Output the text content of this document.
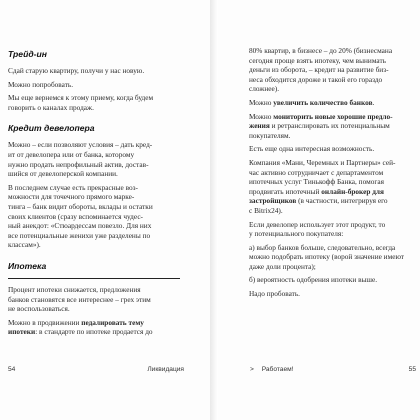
Трейд-ин
Сдай старую квартиру, получи у нас новую.
Можно попробовать.
Мы еще вернемся к этому приему, когда будем
говорить о каналах продаж.
Кредит девелопера
Можно – если позволяют условия – дать кред-
ит от девелопера или от банка, которому
нужно продать непрофильный актив, достав-
шийся от девелоперской компании.
В последнем случае есть прекрасные воз-
можности для точечного прямого марке-
тинга – банк видит обороты, вклады и остатки
своих клиентов (сразу вспоминается чудес-
ный анекдот: «Стюардессам повезло. Для них
все потенциальные женихи уже разделены по
классам»).
Ипотека
Процент ипотеки снижается, предложения
банков становятся все интереснее – грех этим
не воспользоваться.
Можно в продвижении педалировать тему
ипотеки: в стандарте по ипотеке продается до
54	Ликвидация
80% квартир, в бизнесе – до 20% (бизнесмана
сегодня проще взять ипотеку, чем вынимать
деньги из оборота, – кредит на развитие биз-
неса обходится дороже и такой его гораздо
сложнее).
Можно увеличить количество банков.
Можно мониторить новые хорошие предло-
жения и ретранслировать их потенциальным
покупателям.
Есть еще одна интересная возможность.
Компания «Мани, Черемных и Партнеры» сей-
час активно сотрудничает с департаментом
ипотечных услуг Тинькофф Банка, помогая
продвигать ипотечный онлайн-брокер для
застройщиков (в частности, интегрируя его
с Bitrix24).
Если девелопер использует этот продукт, то
у потенциального покупателя:
а) выбор банков больше, следовательно, всегда
можно подобрать ипотеку (ворой значение имеют
даже доли процента);
б) вероятность одобрения ипотеки выше.
Надо пробовать.
> Работаем!	55
